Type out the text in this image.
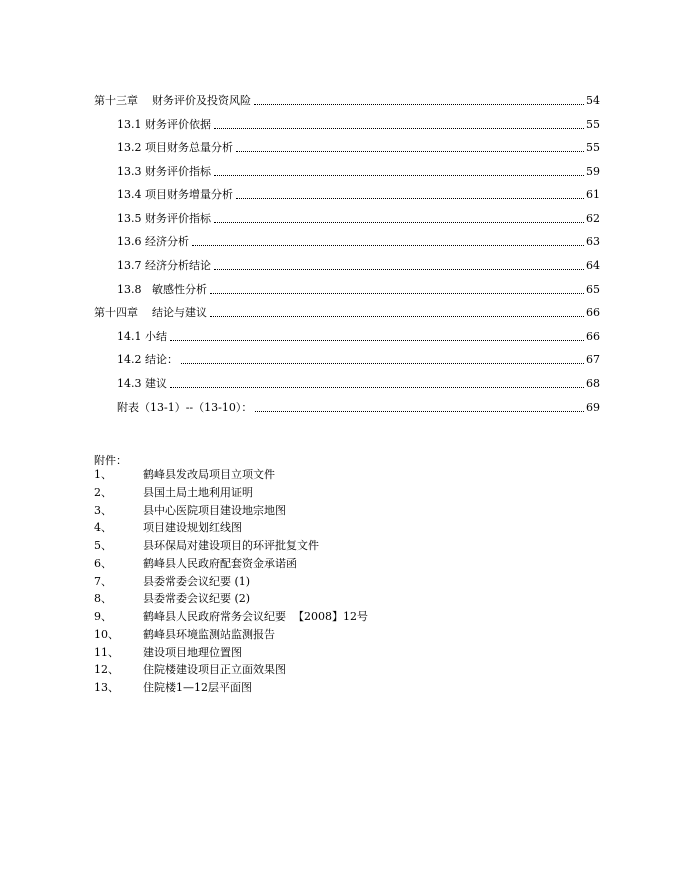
第十三章    财务评价及投资风险	54
13.1 财务评价依据	55
13.2 项目财务总量分析	55
13.3 财务评价指标	59
13.4 项目财务增量分析	61
13.5 财务评价指标	62
13.6 经济分析	63
13.7 经济分析结论	64
13.8   敏感性分析	65
第十四章    结论与建议	66
14.1 小结	66
14.2 结论：	67
14.3 建议	68
附表（13-1）--（13-10）：	69
附件：
1、	鹤峰县发改局项目立项文件
2、	县国土局土地利用证明
3、	县中心医院项目建设地宗地图
4、	项目建设规划红线图
5、	县环保局对建设项目的环评批复文件
6、	鹤峰县人民政府配套资金承诺函
7、	县委常委会议纪要 (1)
8、	县委常委会议纪要 (2)
9、	鹤峰县人民政府常务会议纪要  【2008】12号
10、	鹤峰县环境监测站监测报告
11、	建设项目地理位置图
12、	住院楼建设项目正立面效果图
13、	住院楼1—12层平面图
